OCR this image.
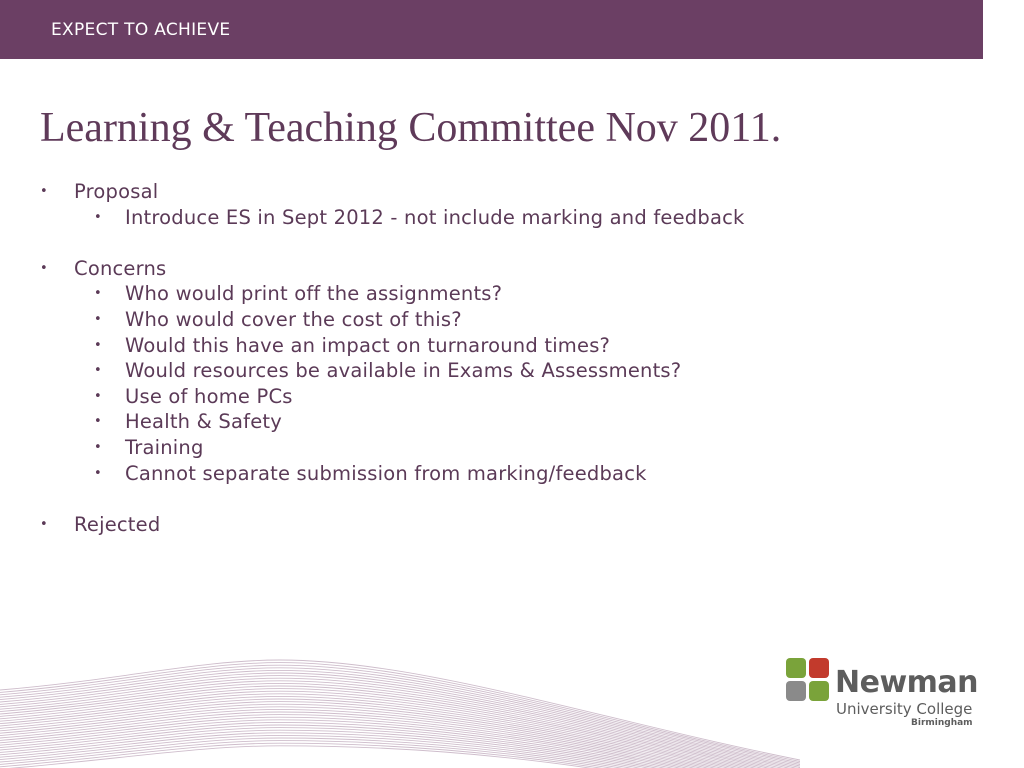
EXPECT TO ACHIEVE
Learning & Teaching Committee Nov 2011.
• Proposal
• Introduce ES in Sept 2012 - not include marking and feedback
• Concerns
• Who would print off the assignments?
• Who would cover the cost of this?
• Would this have an impact on turnaround times?
• Would resources be available in Exams & Assessments?
• Use of home PCs
• Health & Safety
• Training
• Cannot separate submission from marking/feedback
• Rejected
Newman
University College
Birmingham
